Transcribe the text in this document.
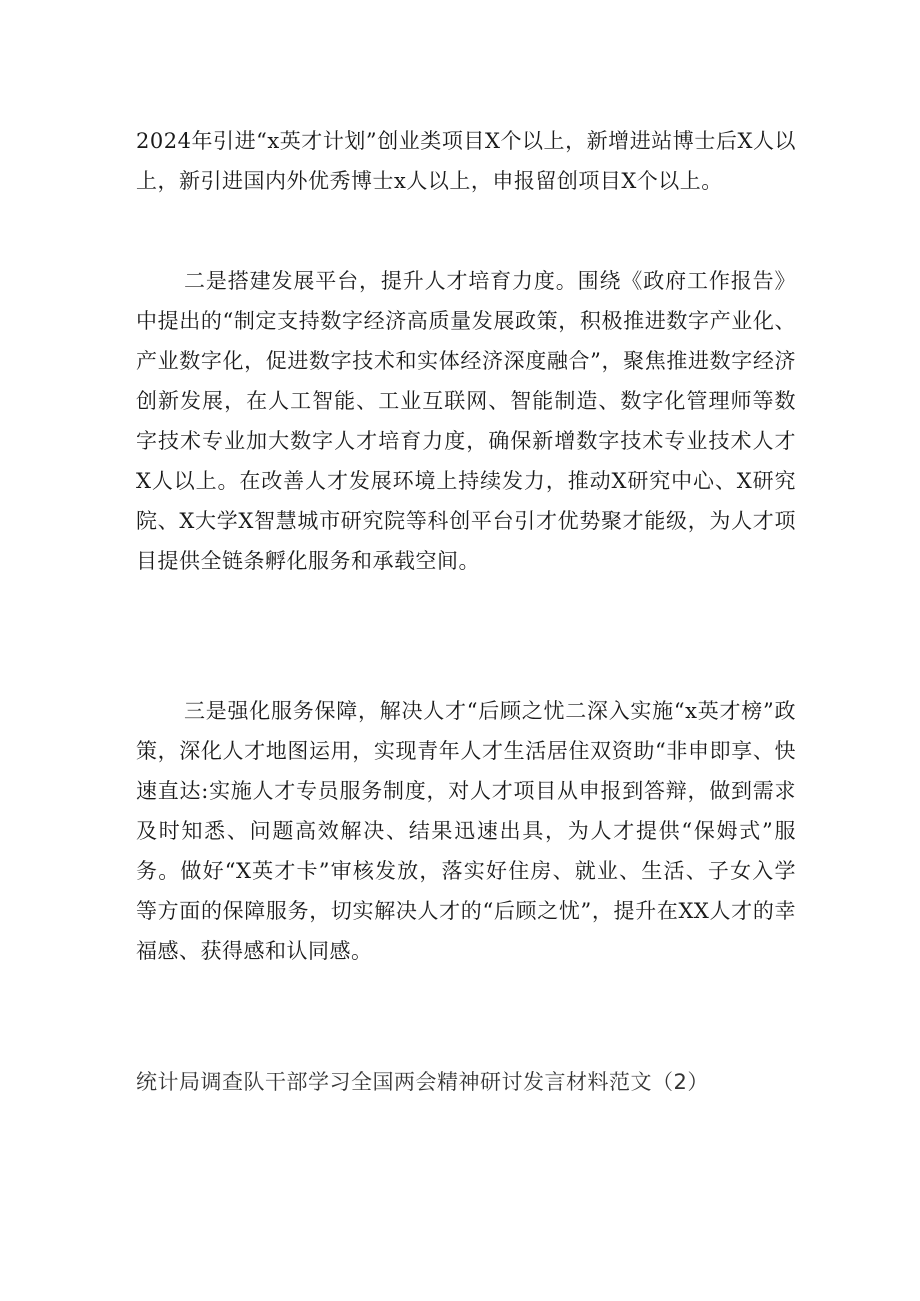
2024年引进“x英才计划”创业类项目X个以上，新增进站博士后X人以上，新引进国内外优秀博士x人以上，申报留创项目X个以上。

二是搭建发展平台，提升人才培育力度。围绕《政府工作报告》中提出的“制定支持数字经济高质量发展政策，积极推进数字产业化、产业数字化，促进数字技术和实体经济深度融合”，聚焦推进数字经济创新发展，在人工智能、工业互联网、智能制造、数字化管理师等数字技术专业加大数字人才培育力度，确保新增数字技术专业技术人才X人以上。在改善人才发展环境上持续发力，推动X研究中心、X研究院、X大学X智慧城市研究院等科创平台引才优势聚才能级，为人才项目提供全链条孵化服务和承载空间。

三是强化服务保障，解决人才“后顾之忧二深入实施“x英才榜”政策，深化人才地图运用，实现青年人才生活居住双资助“非申即享、快速直达:实施人才专员服务制度，对人才项目从申报到答辩，做到需求及时知悉、问题高效解决、结果迅速出具，为人才提供“保姆式”服务。做好“X英才卡”审核发放，落实好住房、就业、生活、子女入学等方面的保障服务，切实解决人才的“后顾之忧”，提升在XX人才的幸福感、获得感和认同感。

统计局调查队干部学习全国两会精神研讨发言材料范文（2）
